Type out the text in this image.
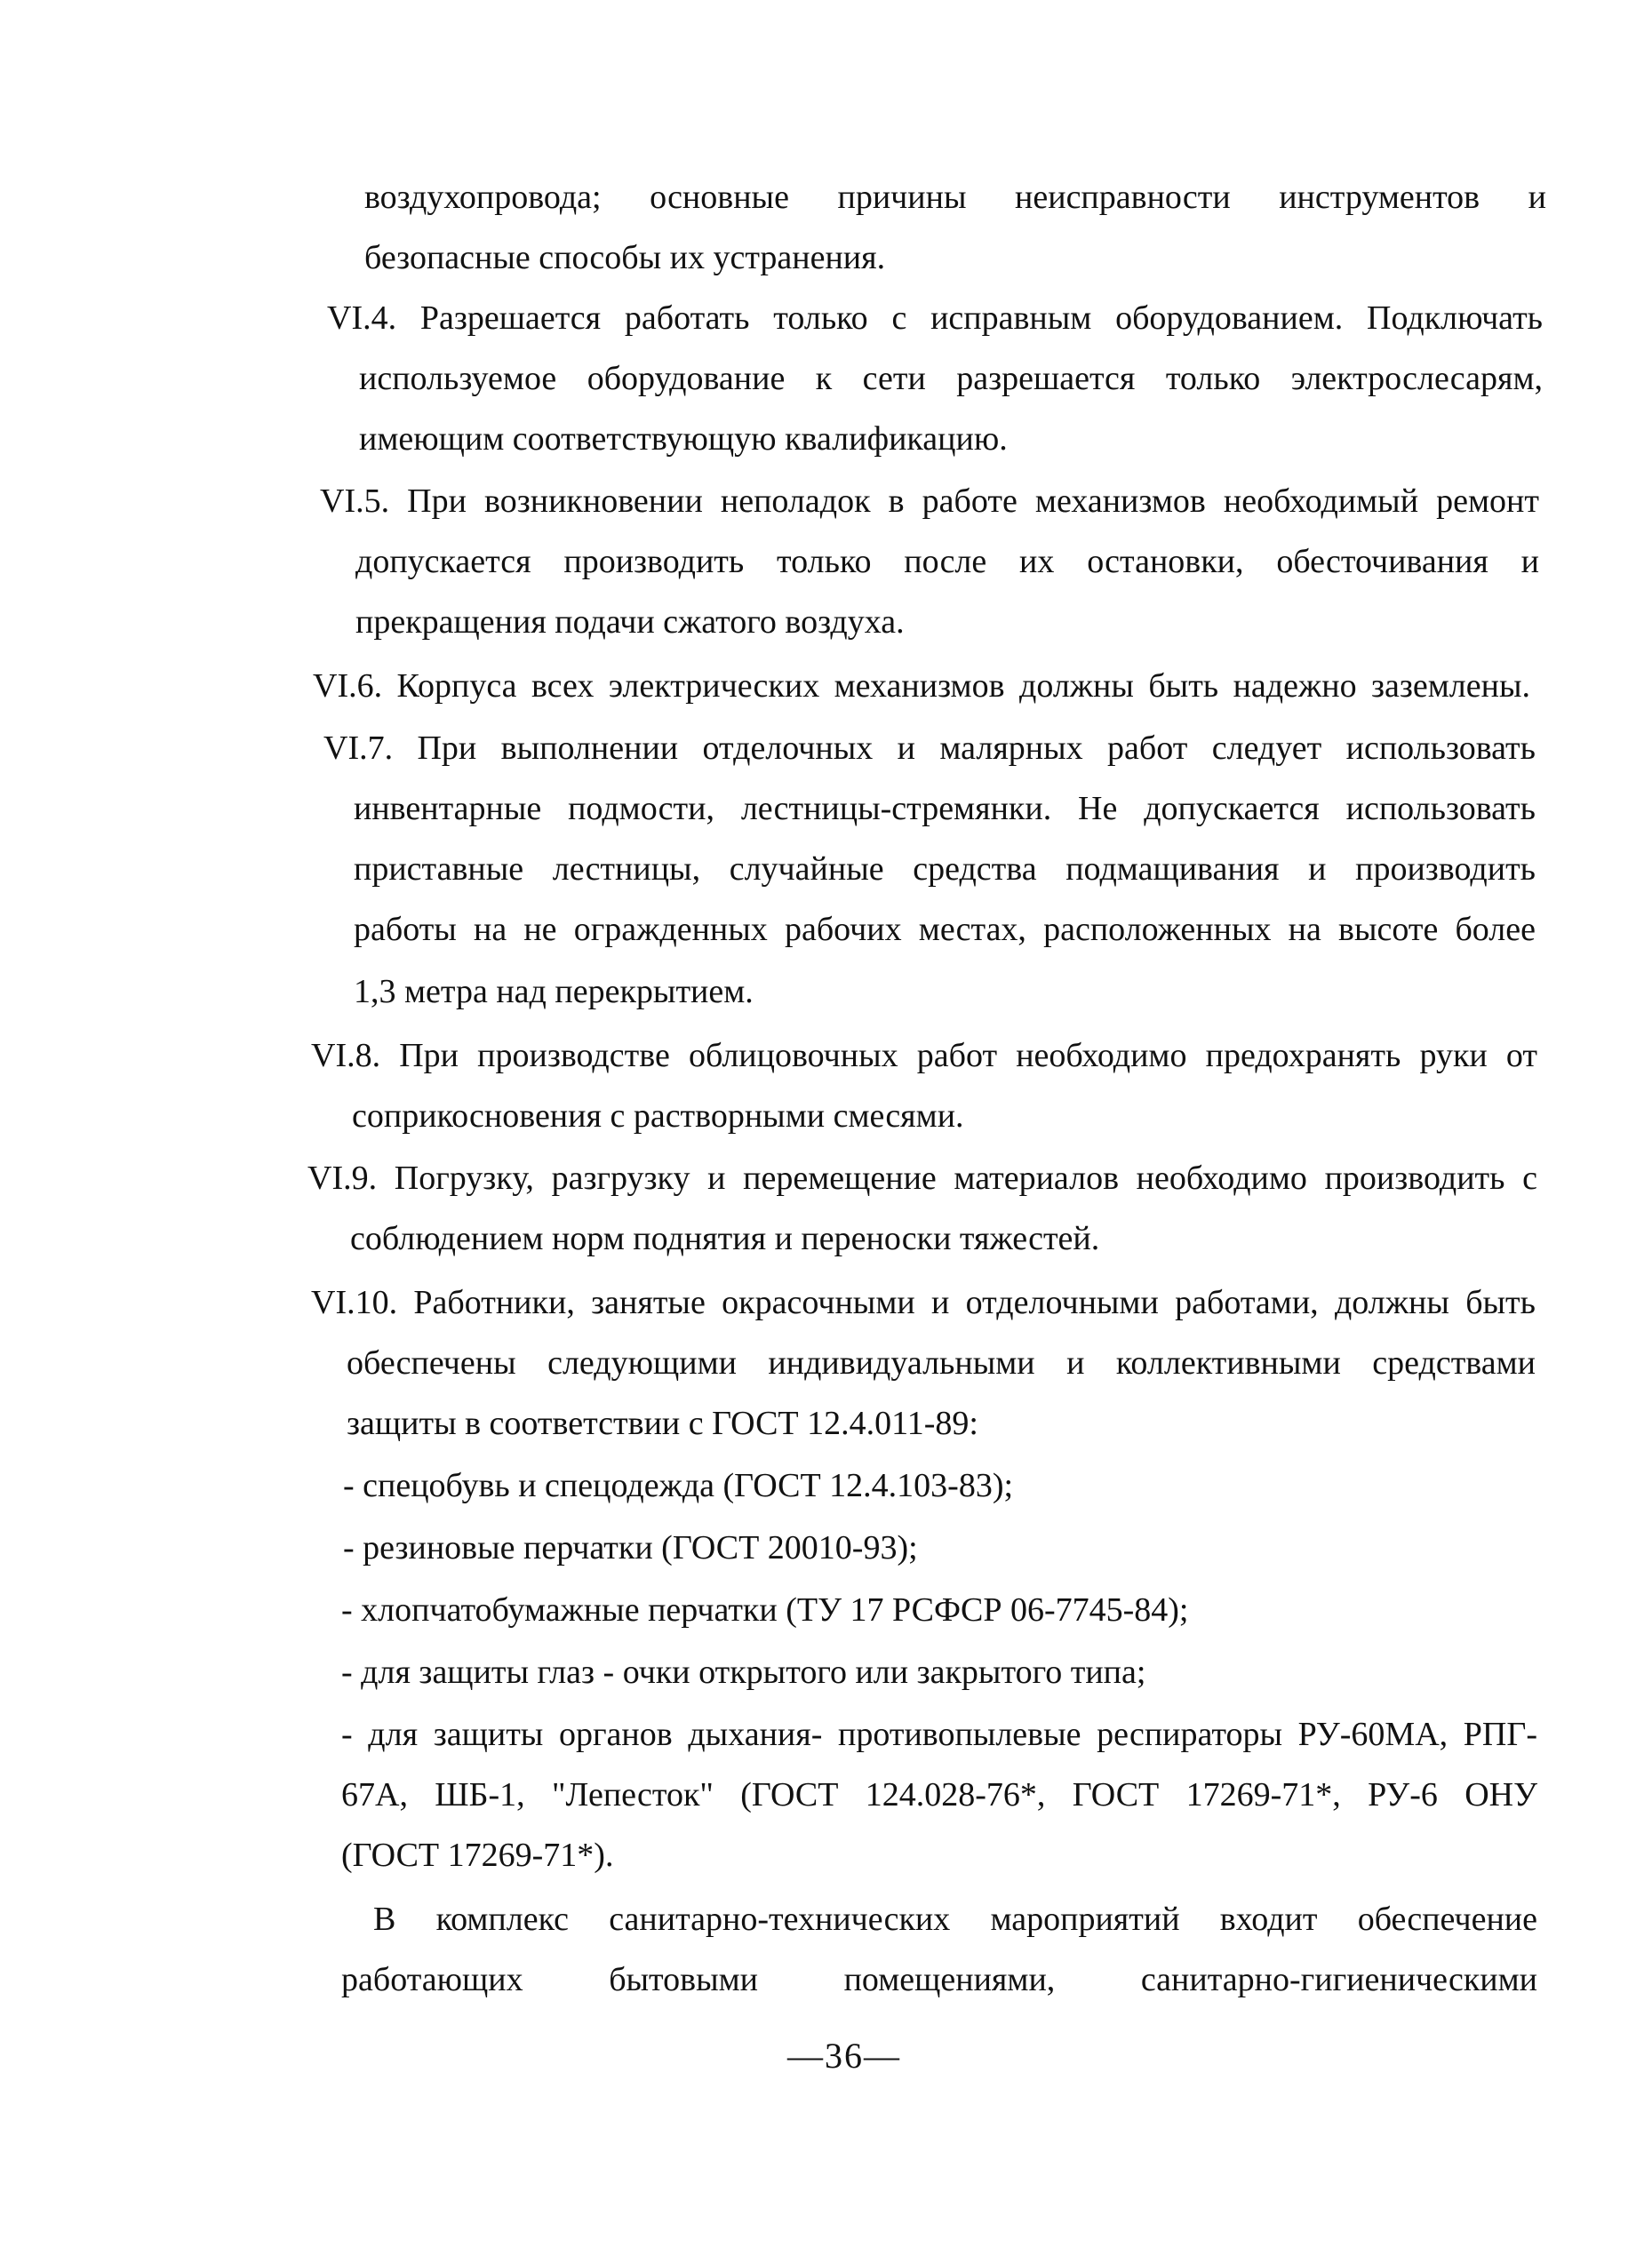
воздухопровода; основные причины неисправности инструментов и
безопасные способы их устранения.
VI.4. Разрешается работать только с исправным оборудованием. Подключать
используемое оборудование к сети разрешается только электрослесарям,
имеющим соответствующую квалификацию.
VI.5. При возникновении неполадок в работе механизмов необходимый ремонт
допускается производить только после их остановки, обесточивания и
прекращения подачи сжатого воздуха.
VI.6. Корпуса всех электрических механизмов должны быть надежно заземлены.
VI.7. При выполнении отделочных и малярных работ следует использовать
инвентарные подмости, лестницы-стремянки. Не допускается использовать
приставные лестницы, случайные средства подмащивания и производить
работы на не огражденных рабочих местах, расположенных на высоте более
1,3 метра над перекрытием.
VI.8. При производстве облицовочных работ необходимо предохранять руки от
соприкосновения с растворными смесями.
VI.9. Погрузку, разгрузку и перемещение материалов необходимо производить с
соблюдением норм поднятия и переноски тяжестей.
VI.10. Работники, занятые окрасочными и отделочными работами, должны быть
обеспечены следующими индивидуальными и коллективными средствами
защиты в соответствии с ГОСТ 12.4.011-89:
- спецобувь и спецодежда (ГОСТ 12.4.103-83);
- резиновые перчатки (ГОСТ 20010-93);
- хлопчатобумажные перчатки (ТУ 17 РСФСР 06-7745-84);
- для защиты глаз - очки открытого или закрытого типа;
- для защиты органов дыхания- противопылевые респираторы РУ-60МА, РПГ-
67А, ШБ-1, "Лепесток" (ГОСТ 124.028-76*, ГОСТ 17269-71*, РУ-6 ОНУ
(ГОСТ 17269-71*).
В комплекс санитарно-технических мароприятий входит обеспечение
работающих бытовыми помещениями, санитарно-гигиеническими
—36—
